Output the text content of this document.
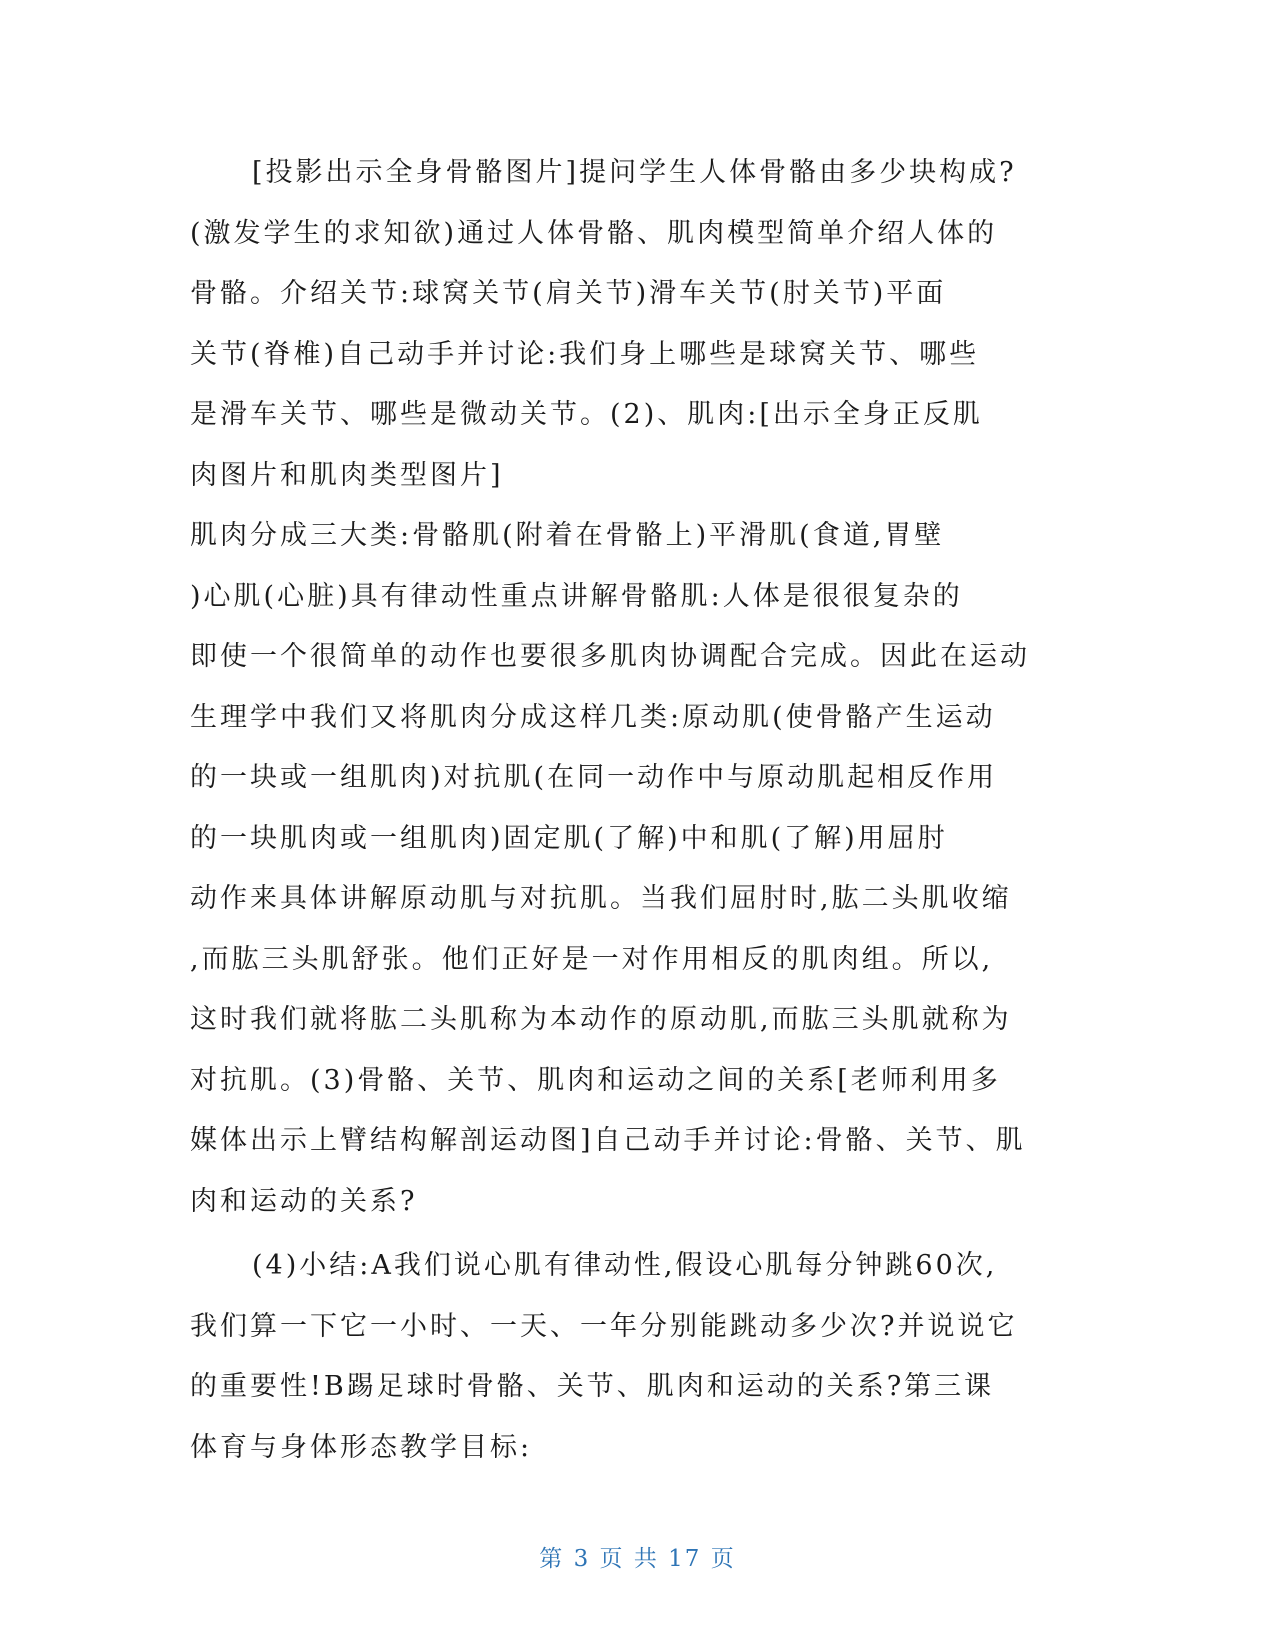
[投影出示全身骨骼图片]提问学生人体骨骼由多少块构成?
(激发学生的求知欲)通过人体骨骼、肌肉模型简单介绍人体的
骨骼。介绍关节:球窝关节(肩关节)滑车关节(肘关节)平面
关节(脊椎)自己动手并讨论:我们身上哪些是球窝关节、哪些
是滑车关节、哪些是微动关节。(2)、肌肉:[出示全身正反肌
肉图片和肌肉类型图片]
肌肉分成三大类:骨骼肌(附着在骨骼上)平滑肌(食道,胃壁
)心肌(心脏)具有律动性重点讲解骨骼肌:人体是很很复杂的
即使一个很简单的动作也要很多肌肉协调配合完成。因此在运动
生理学中我们又将肌肉分成这样几类:原动肌(使骨骼产生运动
的一块或一组肌肉)对抗肌(在同一动作中与原动肌起相反作用
的一块肌肉或一组肌肉)固定肌(了解)中和肌(了解)用屈肘
动作来具体讲解原动肌与对抗肌。当我们屈肘时,肱二头肌收缩
,而肱三头肌舒张。他们正好是一对作用相反的肌肉组。所以,
这时我们就将肱二头肌称为本动作的原动肌,而肱三头肌就称为
对抗肌。(3)骨骼、关节、肌肉和运动之间的关系[老师利用多
媒体出示上臂结构解剖运动图]自己动手并讨论:骨骼、关节、肌
肉和运动的关系?
(4)小结:A我们说心肌有律动性,假设心肌每分钟跳60次,
我们算一下它一小时、一天、一年分别能跳动多少次?并说说它
的重要性!B踢足球时骨骼、关节、肌肉和运动的关系?第三课
体育与身体形态教学目标:
第 3 页 共 17 页
